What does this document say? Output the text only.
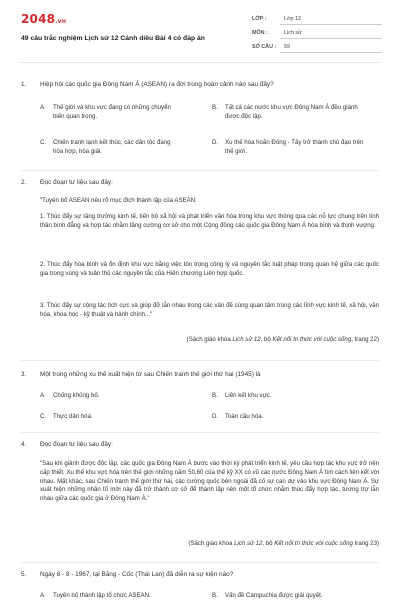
2048.vn
49 câu trắc nghiệm Lịch sử 12 Cánh diều Bài 4 có đáp án
LỚP :	Lớp 12
MÔN :	Lịch sử
SỐ CÂU : 59
1. Hiệp hội các quốc gia Đông Nam Á (ASEAN) ra đời trong hoàn cảnh nào sau đây?
A. Thế giới và khu vực đang có những chuyển biến quan trọng.
B. Tất cả các nước khu vực Đông Nam Á đều giành được độc lập.
C. Chiến tranh lạnh kết thúc, các dân tộc đang hòa hợp, hòa giải.
D. Xu thế hòa hoãn Đông - Tây trở thành chủ đạo trên thế giới.
2. Đọc đoạn tư liệu sau đây:

"Tuyên bố ASEAN nêu rõ mục đích thành lập của ASEAN:

1. Thúc đẩy sự tăng trưởng kinh tế, tiến bộ xã hội và phát triển văn hóa trong khu vực thông qua các nỗ lực chung trên tinh thần bình đẳng và hợp tác nhằm tăng cường cơ sở cho một Cộng đồng các quốc gia Đông Nam Á hòa bình và thịnh vượng.

2. Thúc đẩy hòa bình và ổn định khu vực bằng việc tôn trọng công lý và nguyên tắc luật pháp trong quan hệ giữa các quốc gia trong vùng và tuân thủ các nguyên tắc của Hiến chương Liên hợp quốc.

3. Thúc đẩy sự cộng tác tích cực và giúp đỡ lẫn nhau trong các vấn đề cùng quan tâm trong các lĩnh vực kinh tế, xã hội, văn hóa, khoa học - kỹ thuật và hành chính,.."

(Sách giáo khoa Lịch sử 12, bộ Kết nối tri thức với cuộc sống, trang 22)
3. Một trong những xu thế xuất hiện từ sau Chiến tranh thế giới thứ hai (1945) là
A. Chống khủng bố.	B. Liên kết khu vực.
C. Thực dân hóa.	D. Toàn cầu hóa.
4. Đọc đoạn tư liệu sau đây:

"Sau khi giành được độc lập, các quốc gia Đông Nam Á bước vào thời kỳ phát triển kinh tế, yêu cầu hợp tác khu vực trở nên cấp thiết. Xu thế khu vực hóa trên thế giới những năm 50,60 của thế kỷ XX có vũ các nước Đông Nam Á tìm cách liên kết với nhau. Mặt khác, sau Chiến tranh thế giới thứ hai, các cường quốc bên ngoài đã cố sự can dự vào khu vực Đông Nam Á. Sự xuất hiện những nhân tố mới này đã trở thành cơ sở để thành lập nên một tổ chức nhằm thúc đẩy hợp tác, tương trợ lẫn nhau giữa các quốc gia ở Đông Nam Á."

(Sách giáo khoa Lịch sử 12, bộ Kết nối tri thức với cuộc sống trang 23)
5. Ngày 8 - 8 - 1967, tại Băng - Cốc (Thái Lan) đã diễn ra sự kiện nào?
A. Tuyên bố thành lập tổ chức ASEAN.	B. Vấn đề Campuchia được giải quyết.
